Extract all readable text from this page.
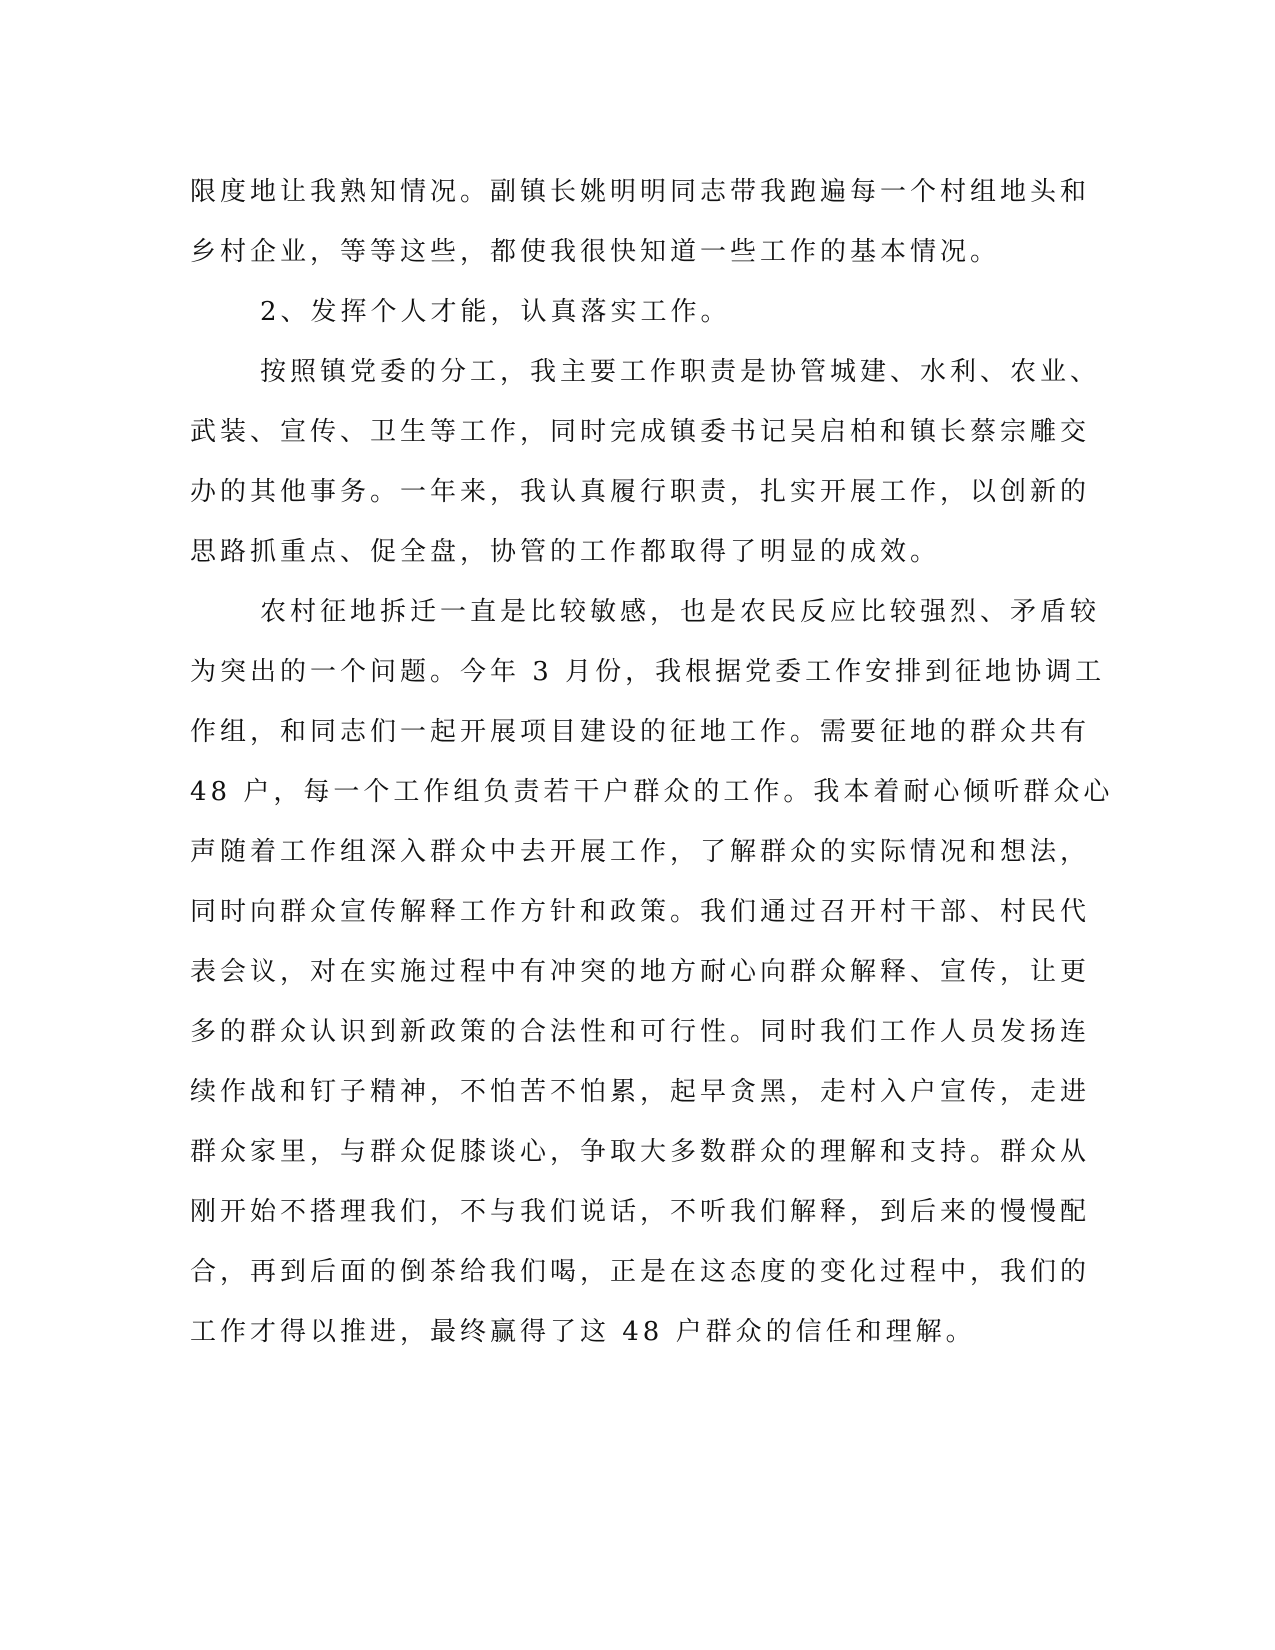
限度地让我熟知情况。副镇长姚明明同志带我跑遍每一个村组地头和
乡村企业，等等这些，都使我很快知道一些工作的基本情况。

2、发挥个人才能，认真落实工作。

按照镇党委的分工，我主要工作职责是协管城建、水利、农业、
武装、宣传、卫生等工作，同时完成镇委书记吴启柏和镇长蔡宗雕交
办的其他事务。一年来，我认真履行职责，扎实开展工作，以创新的
思路抓重点、促全盘，协管的工作都取得了明显的成效。

农村征地拆迁一直是比较敏感，也是农民反应比较强烈、矛盾较
为突出的一个问题。今年 3 月份，我根据党委工作安排到征地协调工
作组，和同志们一起开展项目建设的征地工作。需要征地的群众共有
48 户，每一个工作组负责若干户群众的工作。我本着耐心倾听群众心
声随着工作组深入群众中去开展工作，了解群众的实际情况和想法，
同时向群众宣传解释工作方针和政策。我们通过召开村干部、村民代
表会议，对在实施过程中有冲突的地方耐心向群众解释、宣传，让更
多的群众认识到新政策的合法性和可行性。同时我们工作人员发扬连
续作战和钉子精神，不怕苦不怕累，起早贪黑，走村入户宣传，走进
群众家里，与群众促膝谈心，争取大多数群众的理解和支持。群众从
刚开始不搭理我们，不与我们说话，不听我们解释，到后来的慢慢配
合，再到后面的倒茶给我们喝，正是在这态度的变化过程中，我们的
工作才得以推进，最终赢得了这 48 户群众的信任和理解。
